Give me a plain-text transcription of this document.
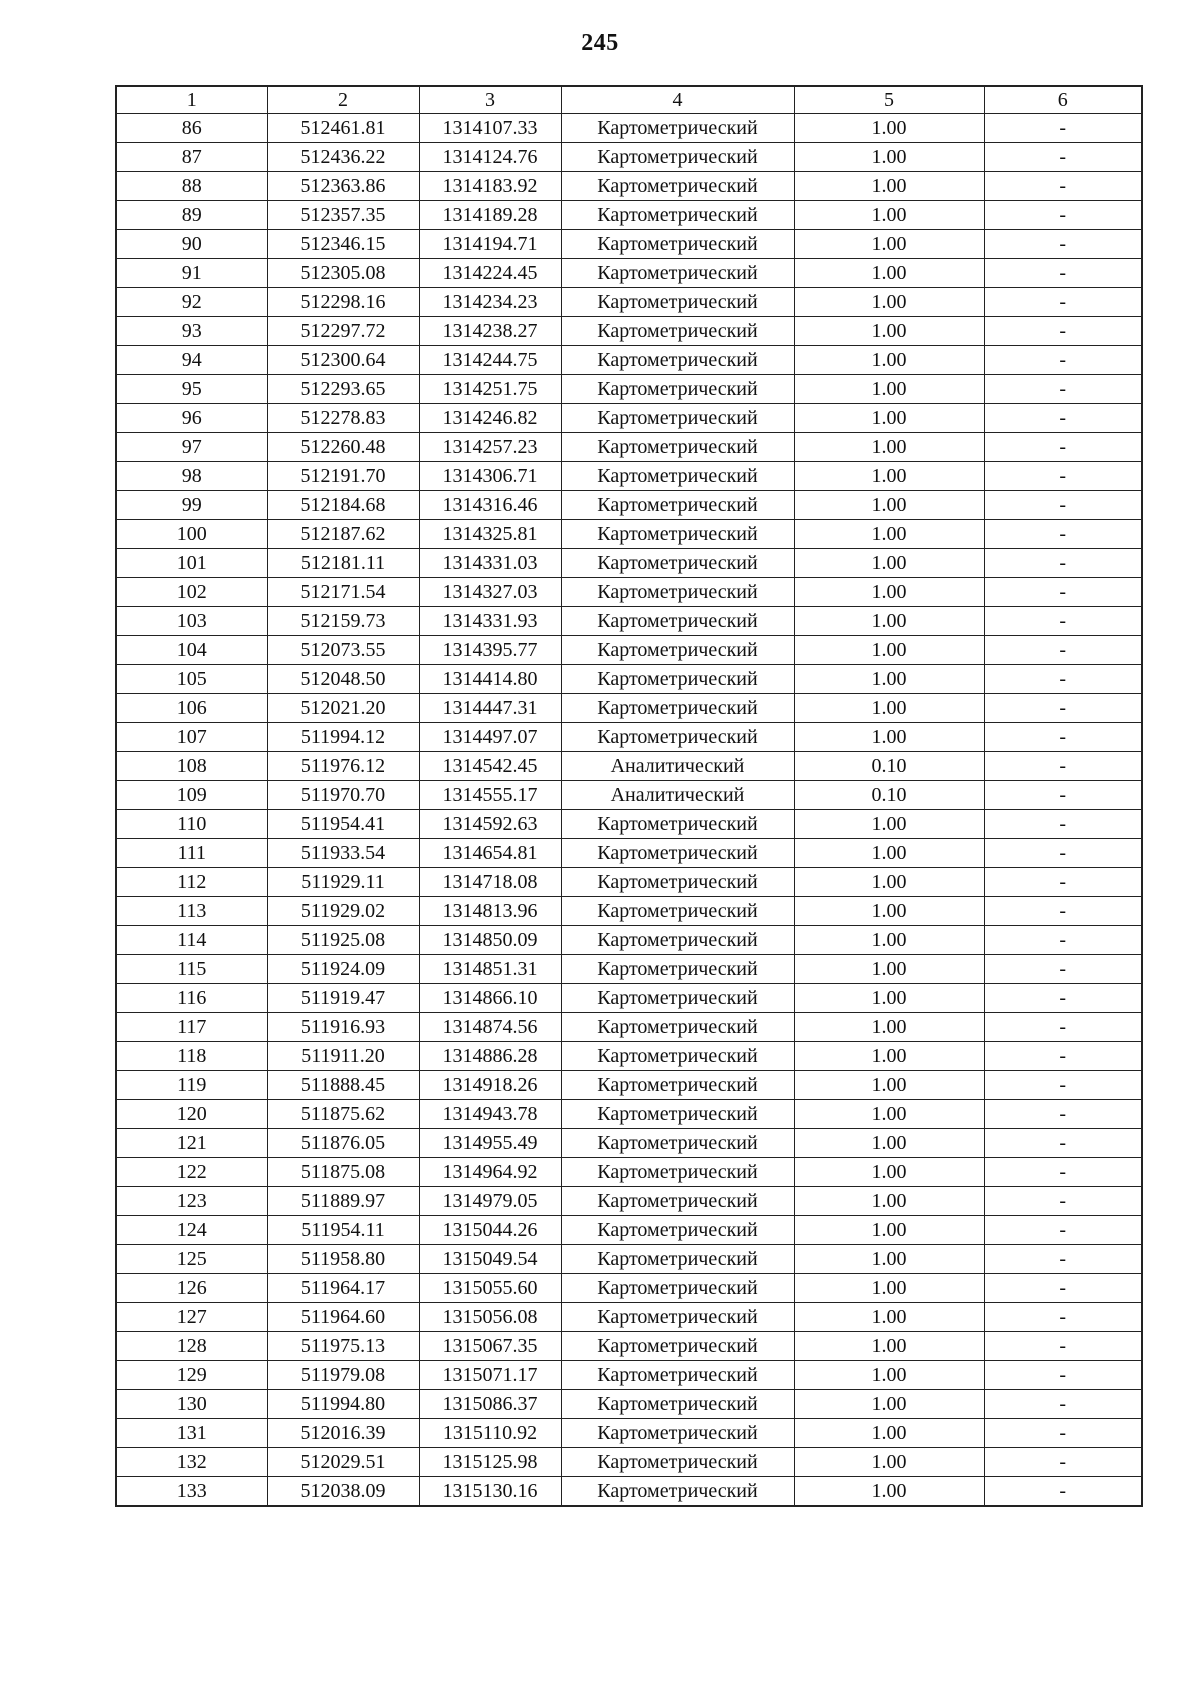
245
1	2	3	4	5	6
86	512461.81	1314107.33	Картометрический	1.00	-
87	512436.22	1314124.76	Картометрический	1.00	-
88	512363.86	1314183.92	Картометрический	1.00	-
89	512357.35	1314189.28	Картометрический	1.00	-
90	512346.15	1314194.71	Картометрический	1.00	-
91	512305.08	1314224.45	Картометрический	1.00	-
92	512298.16	1314234.23	Картометрический	1.00	-
93	512297.72	1314238.27	Картометрический	1.00	-
94	512300.64	1314244.75	Картометрический	1.00	-
95	512293.65	1314251.75	Картометрический	1.00	-
96	512278.83	1314246.82	Картометрический	1.00	-
97	512260.48	1314257.23	Картометрический	1.00	-
98	512191.70	1314306.71	Картометрический	1.00	-
99	512184.68	1314316.46	Картометрический	1.00	-
100	512187.62	1314325.81	Картометрический	1.00	-
101	512181.11	1314331.03	Картометрический	1.00	-
102	512171.54	1314327.03	Картометрический	1.00	-
103	512159.73	1314331.93	Картометрический	1.00	-
104	512073.55	1314395.77	Картометрический	1.00	-
105	512048.50	1314414.80	Картометрический	1.00	-
106	512021.20	1314447.31	Картометрический	1.00	-
107	511994.12	1314497.07	Картометрический	1.00	-
108	511976.12	1314542.45	Аналитический	0.10	-
109	511970.70	1314555.17	Аналитический	0.10	-
110	511954.41	1314592.63	Картометрический	1.00	-
111	511933.54	1314654.81	Картометрический	1.00	-
112	511929.11	1314718.08	Картометрический	1.00	-
113	511929.02	1314813.96	Картометрический	1.00	-
114	511925.08	1314850.09	Картометрический	1.00	-
115	511924.09	1314851.31	Картометрический	1.00	-
116	511919.47	1314866.10	Картометрический	1.00	-
117	511916.93	1314874.56	Картометрический	1.00	-
118	511911.20	1314886.28	Картометрический	1.00	-
119	511888.45	1314918.26	Картометрический	1.00	-
120	511875.62	1314943.78	Картометрический	1.00	-
121	511876.05	1314955.49	Картометрический	1.00	-
122	511875.08	1314964.92	Картометрический	1.00	-
123	511889.97	1314979.05	Картометрический	1.00	-
124	511954.11	1315044.26	Картометрический	1.00	-
125	511958.80	1315049.54	Картометрический	1.00	-
126	511964.17	1315055.60	Картометрический	1.00	-
127	511964.60	1315056.08	Картометрический	1.00	-
128	511975.13	1315067.35	Картометрический	1.00	-
129	511979.08	1315071.17	Картометрический	1.00	-
130	511994.80	1315086.37	Картометрический	1.00	-
131	512016.39	1315110.92	Картометрический	1.00	-
132	512029.51	1315125.98	Картометрический	1.00	-
133	512038.09	1315130.16	Картометрический	1.00	-
